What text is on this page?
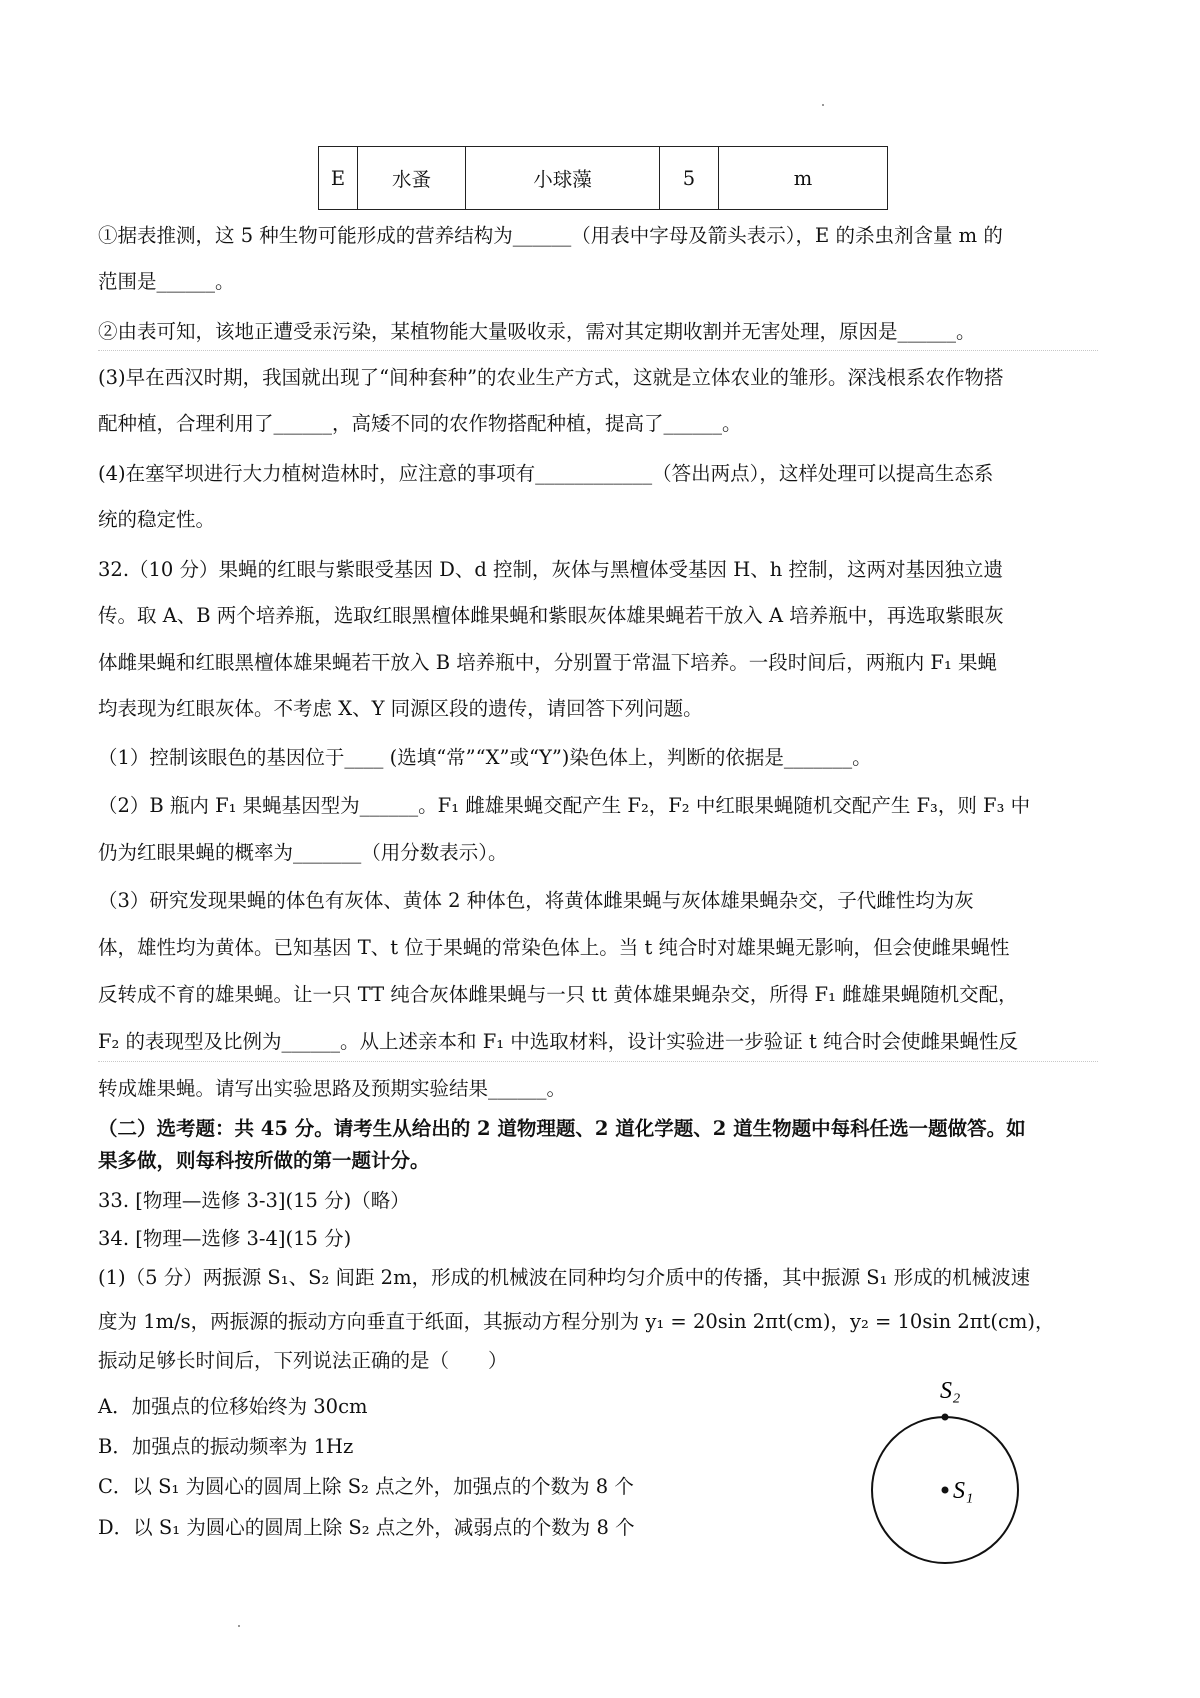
E	水蚤	小球藻	5	m
①据表推测，这 5 种生物可能形成的营养结构为______（用表中字母及箭头表示），E 的杀虫剂含量 m 的
范围是______。
②由表可知，该地正遭受汞污染，某植物能大量吸收汞，需对其定期收割并无害处理，原因是______。
(3)早在西汉时期，我国就出现了“间种套种”的农业生产方式，这就是立体农业的雏形。深浅根系农作物搭
配种植，合理利用了______，高矮不同的农作物搭配种植，提高了______。
(4)在塞罕坝进行大力植树造林时，应注意的事项有____________（答出两点），这样处理可以提高生态系
统的稳定性。
32.（10 分）果蝇的红眼与紫眼受基因 D、d 控制，灰体与黑檀体受基因 H、h 控制，这两对基因独立遗
传。取 A、B 两个培养瓶，选取红眼黑檀体雌果蝇和紫眼灰体雄果蝇若干放入 A 培养瓶中，再选取紫眼灰
体雌果蝇和红眼黑檀体雄果蝇若干放入 B 培养瓶中，分别置于常温下培养。一段时间后，两瓶内 F₁ 果蝇
均表现为红眼灰体。不考虑 X、Y 同源区段的遗传，请回答下列问题。
（1）控制该眼色的基因位于____ (选填“常”“X”或“Y”)染色体上，判断的依据是_______。
（2）B 瓶内 F₁ 果蝇基因型为______。F₁ 雌雄果蝇交配产生 F₂，F₂ 中红眼果蝇随机交配产生 F₃，则 F₃ 中
仍为红眼果蝇的概率为_______（用分数表示）。
（3）研究发现果蝇的体色有灰体、黄体 2 种体色，将黄体雌果蝇与灰体雄果蝇杂交，子代雌性均为灰
体，雄性均为黄体。已知基因 T、t 位于果蝇的常染色体上。当 t 纯合时对雄果蝇无影响，但会使雌果蝇性
反转成不育的雄果蝇。让一只 TT 纯合灰体雌果蝇与一只 tt 黄体雄果蝇杂交，所得 F₁ 雌雄果蝇随机交配，
F₂ 的表现型及比例为______。从上述亲本和 F₁ 中选取材料，设计实验进一步验证 t 纯合时会使雌果蝇性反
转成雄果蝇。请写出实验思路及预期实验结果______。
（二）选考题：共 45 分。请考生从给出的 2 道物理题、2 道化学题、2 道生物题中每科任选一题做答。如
果多做，则每科按所做的第一题计分。
33. [物理—选修 3-3](15 分)（略）
34. [物理—选修 3-4](15 分)
(1)（5 分）两振源 S₁、S₂ 间距 2m，形成的机械波在同种均匀介质中的传播，其中振源 S₁ 形成的机械波速
度为 1m/s，两振源的振动方向垂直于纸面，其振动方程分别为 y₁ = 20sin 2πt(cm)，y₂ = 10sin 2πt(cm)，
振动足够长时间后，下列说法正确的是（　　）
A．加强点的位移始终为 30cm
B．加强点的振动频率为 1Hz
C．以 S₁ 为圆心的圆周上除 S₂ 点之外，加强点的个数为 8 个
D．以 S₁ 为圆心的圆周上除 S₂ 点之外，减弱点的个数为 8 个
S₂
S₁
